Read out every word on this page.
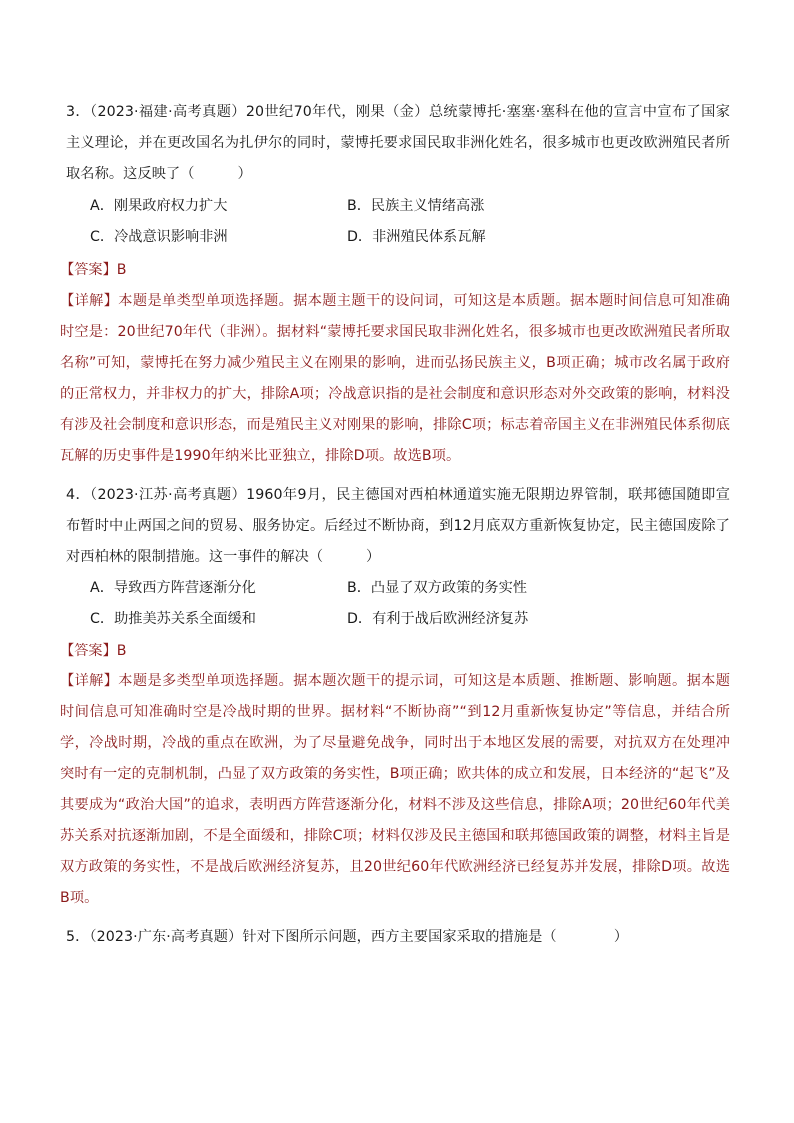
3．（2023·福建·高考真题）20世纪70年代，刚果（金）总统蒙博托·塞塞·塞科在他的宣言中宣布了国家主义理论，并在更改国名为扎伊尔的同时，蒙博托要求国民取非洲化姓名，很多城市也更改欧洲殖民者所取名称。这反映了（　　　）

A．刚果政府权力扩大	B．民族主义情绪高涨
C．冷战意识影响非洲	D．非洲殖民体系瓦解
【答案】B

【详解】本题是单类型单项选择题。据本题主题干的设问词，可知这是本质题。据本题时间信息可知准确时空是：20世纪70年代（非洲）。据材料“蒙博托要求国民取非洲化姓名，很多城市也更改欧洲殖民者所取名称”可知，蒙博托在努力减少殖民主义在刚果的影响，进而弘扬民族主义，B项正确；城市改名属于政府的正常权力，并非权力的扩大，排除A项；冷战意识指的是社会制度和意识形态对外交政策的影响，材料没有涉及社会制度和意识形态，而是殖民主义对刚果的影响，排除C项；标志着帝国主义在非洲殖民体系彻底瓦解的历史事件是1990年纳米比亚独立，排除D项。故选B项。

4．（2023·江苏·高考真题）1960年9月，民主德国对西柏林通道实施无限期边界管制，联邦德国随即宣布暂时中止两国之间的贸易、服务协定。后经过不断协商，到12月底双方重新恢复协定，民主德国废除了对西柏林的限制措施。这一事件的解决（　　　）

A．导致西方阵营逐渐分化	B．凸显了双方政策的务实性
C．助推美苏关系全面缓和	D．有利于战后欧洲经济复苏
【答案】B

【详解】本题是多类型单项选择题。据本题次题干的提示词，可知这是本质题、推断题、影响题。据本题时间信息可知准确时空是冷战时期的世界。据材料“不断协商”“到12月重新恢复协定”等信息，并结合所学，冷战时期，冷战的重点在欧洲，为了尽量避免战争，同时出于本地区发展的需要，对抗双方在处理冲突时有一定的克制机制，凸显了双方政策的务实性，B项正确；欧共体的成立和发展，日本经济的“起飞”及其要成为“政治大国”的追求，表明西方阵营逐渐分化，材料不涉及这些信息，排除A项；20世纪60年代美苏关系对抗逐渐加剧，不是全面缓和，排除C项；材料仅涉及民主德国和联邦德国政策的调整，材料主旨是双方政策的务实性，不是战后欧洲经济复苏，且20世纪60年代欧洲经济已经复苏并发展，排除D项。故选B项。

5．（2023·广东·高考真题）针对下图所示问题，西方主要国家采取的措施是（　　　　）
